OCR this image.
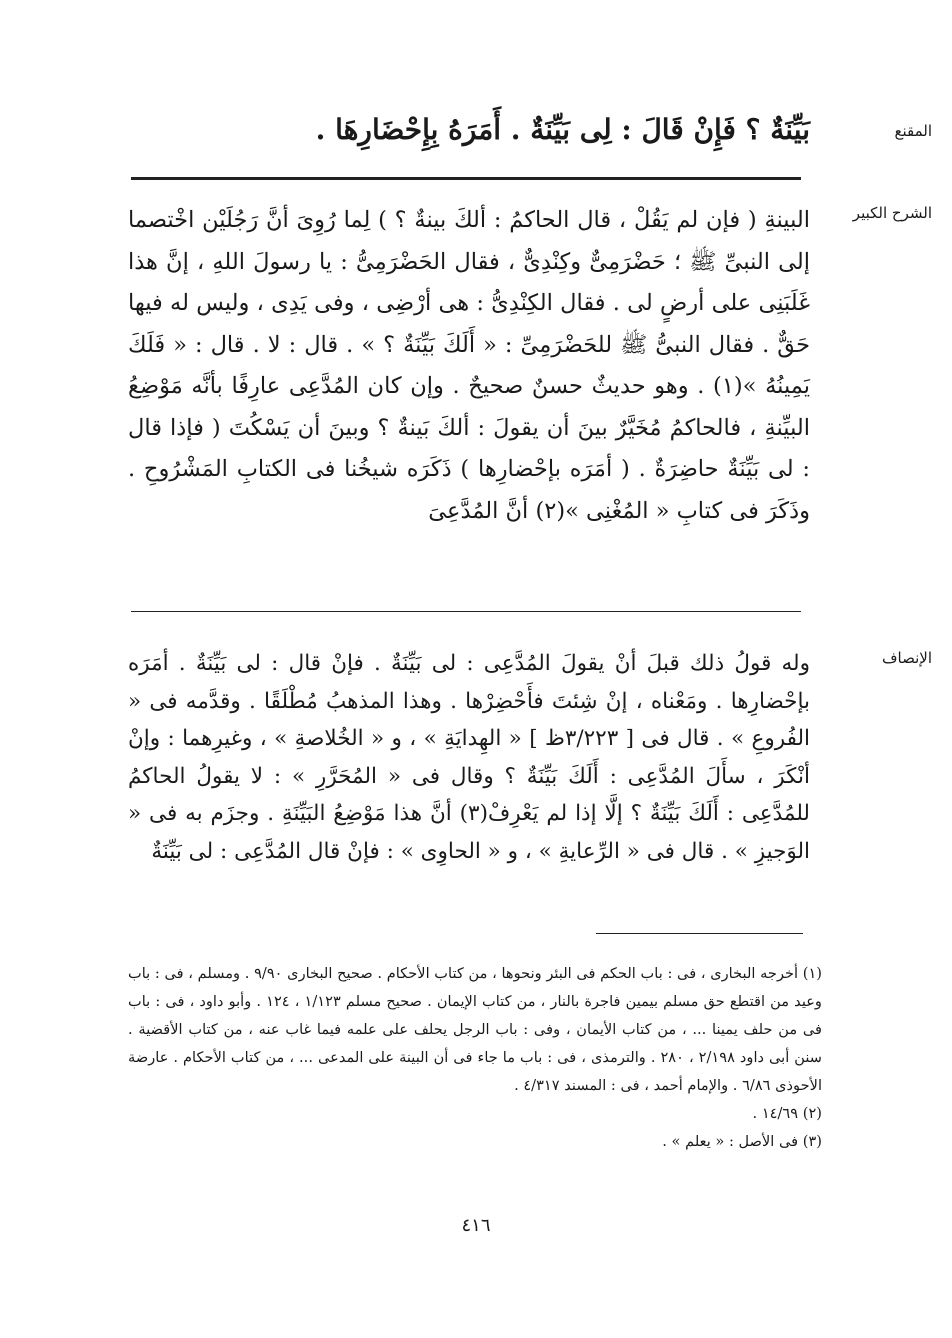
المقنع
بَيِّنَةٌ ؟ فَإِنْ قَالَ : لِى بَيِّنَةٌ . أَمَرَهُ بِإِحْضَارِهَا .
الشرح الكبير
البينةِ ( فإن لم يَقُلْ ، قال الحاكمُ : ألكَ بينةٌ ؟ ) لِما رُوِىَ أنَّ رَجُلَيْن اخْتصما إلى النبىِّ ﷺ ؛ حَضْرَمِىٌّ وكِنْدِىٌّ ، فقال الحَضْرَمِىُّ : يا رسولَ اللهِ ، إنَّ هذا غَلَبَنِى على أرضٍ لى . فقال الكِنْدِىُّ : هى أرْضِى ، وفى يَدِى ، وليس له فيها حَقٌّ . فقال النبىُّ ﷺ للحَضْرَمِىِّ : « أَلَكَ بَيِّنَةٌ ؟ » . قال : لا . قال : « فَلَكَ يَمِينُهُ »(١) . وهو حديثٌ حسنٌ صحيحٌ . وإن كان المُدَّعِى عارِفًا بأنَّه مَوْضِعُ البيِّنةِ ، فالحاكمُ مُخَيَّرٌ بينَ أن يقولَ : ألكَ بَينةٌ ؟ وبينَ أن يَسْكُتَ ( فإذا قال : لى بَيِّنَةٌ حاضِرَةٌ . ( أمَرَه بإحْضارِها ) ذَكَرَه شيخُنا فى الكتابِ المَشْرُوحِ . وذَكَرَ فى كتابِ « المُغْنِى »(٢) أنَّ المُدَّعِىَ
الإنصاف
وله قولُ ذلك قبلَ أنْ يقولَ المُدَّعِى : لى بَيِّنَةٌ . فإنْ قال : لى بَيِّنَةٌ . أمَرَه بإحْضارِها . ومَعْناه ، إنْ شِئتَ فأَحْضِرْها . وهذا المذهبُ مُطْلَقًا . وقدَّمه فى « الفُروعِ » . قال فى [ ٣/٢٢٣ظ ] « الهِدايَةِ » ، و « الخُلاصةِ » ، وغيرِهما : وإنْ أنْكَرَ ، سأَلَ المُدَّعِى : أَلَكَ بَيِّنَةٌ ؟ وقال فى « المُحَرَّرِ » : لا يقولُ الحاكمُ للمُدَّعِى : أَلَكَ بَيِّنَةٌ ؟ إلَّا إذا لم يَعْرِفْ(٣) أنَّ هذا مَوْضِعُ البَيِّنَةِ . وجزَم به فى « الوَجيزِ » . قال فى « الرِّعايةِ » ، و « الحاوِى » : فإنْ قال المُدَّعِى : لى بَيِّنَةٌ

(١) أخرجه البخارى ، فى : باب الحكم فى البئر ونحوها ، من كتاب الأحكام . صحيح البخارى ٩/٩٠ . ومسلم ، فى : باب وعيد من اقتطع حق مسلم بيمين فاجرة بالنار ، من كتاب الإيمان . صحيح مسلم ١/١٢٣ ، ١٢٤ . وأبو داود ، فى : باب فى من حلف يمينا ... ، من كتاب الأيمان ، وفى : باب الرجل يحلف على علمه فيما غاب عنه ، من كتاب الأقضية . سنن أبى داود ٢/١٩٨ ، ٢٨٠ . والترمذى ، فى : باب ما جاء فى أن البينة على المدعى ... ، من كتاب الأحكام . عارضة الأحوذى ٦/٨٦ . والإمام أحمد ، فى : المسند ٤/٣١٧ .

(٢) ١٤/٦٩ .

(٣) فى الأصل : « يعلم » .

٤١٦
